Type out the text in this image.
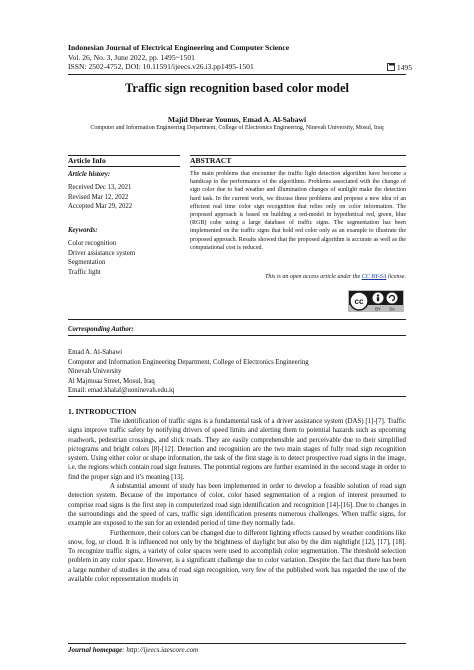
Indonesian Journal of Electrical Engineering and Computer Science
Vol. 26, No. 3, June 2022, pp. 1495~1501
ISSN: 2502-4752, DOI: 10.11591/ijeecs.v26.i3.pp1495-1501	1495
Traffic sign recognition based color model
Majid Dherar Younus, Emad A. Al-Sabawi
Computer and Information Engineering Department, College of Electronics Engineering, Ninevah University, Mosul, Iraq
Article Info
Article history:
Received Dec 13, 2021
Revised Mar 12, 2022
Accepted Mar 29, 2022
Keywords:
Color recognition
Driver assistance system
Segmentation
Traffic light
ABSTRACT
The main problems that encounter the traffic light detection algorithm have become a handicap to the performance of the algorithms. Problems associated with the change of sign color due to bad weather and illumination changes of sunlight make the detection hard task. In the current work, we discuss these problems and propose a new idea of an efficient real time color sign recognition that relies only on color information. The proposed approach is based on building a red-model in hypothetical red, green, blue (RGB) cube using a large database of traffic signs. The segmentation has been implemented on the traffic signs that hold red color only as an example to illustrate the proposed approach. Results showed that the proposed algorithm is accurate as well as the computational cost is reduced.
This is an open access article under the CC BY-SA license.
cc
BY SA
Corresponding Author:
Emad A. Al-Sabawi
Computer and Information Engineering Department, College of Electronics Engineering
Ninevah University
Al Majmoaa Street, Mosul, Iraq
Email: emad.khalaf@uoninevah.edu.iq
1. INTRODUCTION

The identification of traffic signs is a fundamental task of a driver assistance system (DAS) [1]-[7]. Traffic signs improve traffic safety by notifying drivers of speed limits and alerting them to potential hazards such as upcoming roadwork, pedestrian crossings, and slick roads. They are easily comprehensible and perceivable due to their simplified pictograms and bright colors [8]-[12]. Detection and recognition are the two main stages of fully road sign recognition system. Using either color or shape information, the task of the first stage is to detect prospective road signs in the image, i.e. the regions which contain road sign features. The potential regions are further examined in the second stage in order to find the proper sign and it’s meaning [13].

A substantial amount of study has been implemented in order to develop a feasible solution of road sign detection system. Because of the importance of color, color based segmentation of a region of interest presumed to comprise road signs is the first step in computerized road sign identification and recognition [14]-[16]. Due to changes in the surroundings and the speed of cars, traffic sign identification presents numerous challenges. When traffic signs, for example are exposed to the sun for an extended period of time they normally fade.

Furthermore, their colors can be changed due to different lighting effects caused by weather conditions like snow, fog, or cloud. It is influenced not only by the brightness of daylight but also by the dim nightlight [12], [17], [18]. To recognize traffic signs, a variety of color spaces were used to accomplish color segmentation. The threshold selection problem in any color space. However, is a significant challenge due to color variation. Despite the fact that there has been a large number of studies in the area of road sign recognition, very few of the published work has regarded the use of the available color representation models in

Journal homepage: http://ijeecs.iaescore.com
